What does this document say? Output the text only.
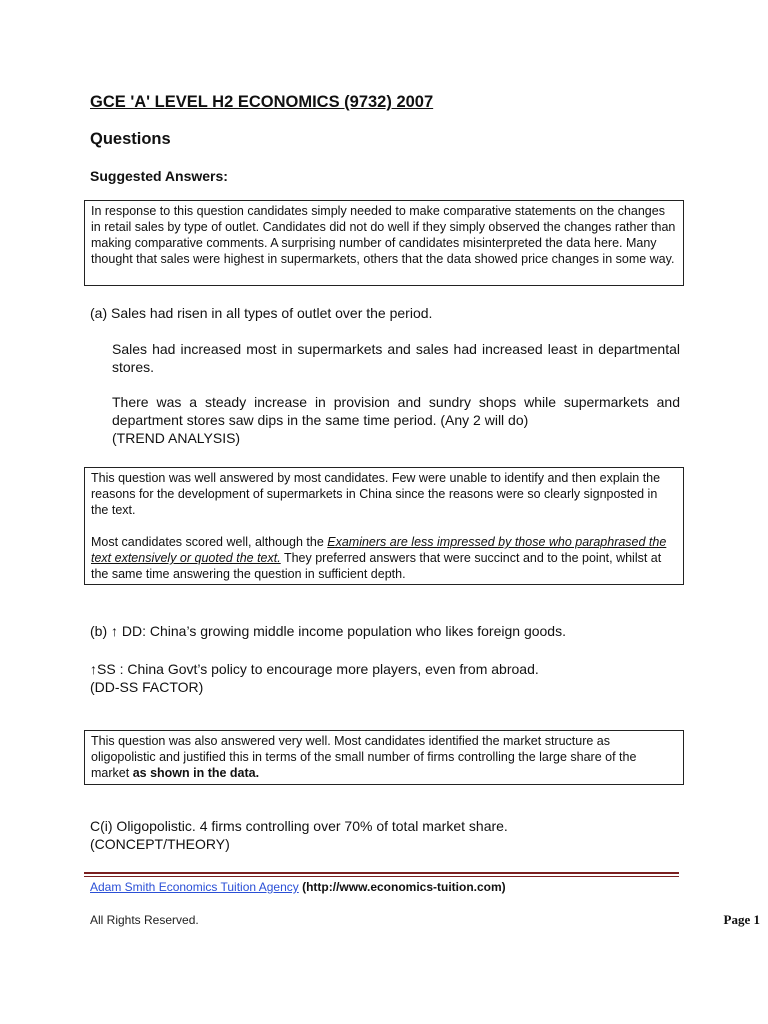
GCE 'A' LEVEL H2 ECONOMICS (9732) 2007
Questions
Suggested Answers:

In response to this question candidates simply needed to make comparative statements on the changes in retail sales by type of outlet. Candidates did not do well if they simply observed the changes rather than making comparative comments. A surprising number of candidates misinterpreted the data here. Many thought that sales were highest in supermarkets, others that the data showed price changes in some way.

(a) Sales had risen in all types of outlet over the period.

Sales had increased most in supermarkets and sales had increased least in departmental stores.

There was a steady increase in provision and sundry shops while supermarkets and department stores saw dips in the same time period. (Any 2 will do)

(TREND ANALYSIS)

This question was well answered by most candidates. Few were unable to identify and then explain the reasons for the development of supermarkets in China since the reasons were so clearly signposted in the text.

Most candidates scored well, although the Examiners are less impressed by those who paraphrased the text extensively or quoted the text. They preferred answers that were succinct and to the point, whilst at the same time answering the question in sufficient depth.

(b) ↑ DD: China’s growing middle income population who likes foreign goods.

↑SS : China Govt’s policy to encourage more players, even from abroad.

(DD-SS FACTOR)

This question was also answered very well. Most candidates identified the market structure as oligopolistic and justified this in terms of the small number of firms controlling the large share of the market as shown in the data.

C(i) Oligopolistic. 4 firms controlling over 70% of total market share.

(CONCEPT/THEORY)

Adam Smith Economics Tuition Agency (http://www.economics-tuition.com)
All Rights Reserved.	Page 1
